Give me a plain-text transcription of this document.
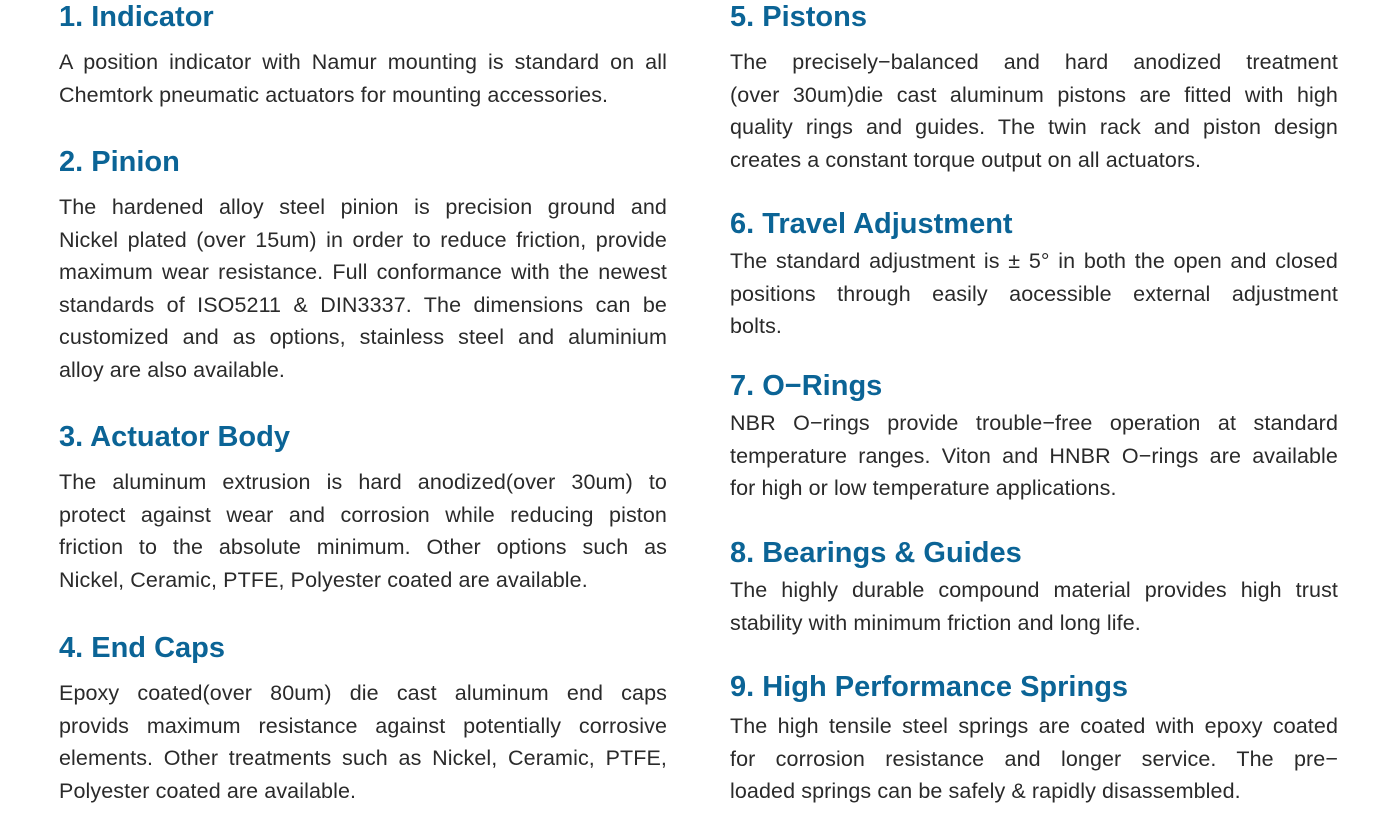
1. Indicator

A position indicator with Namur mounting is standard on all
Chemtork pneumatic actuators for mounting accessories.

2. Pinion

The hardened alloy steel pinion is precision ground and
Nickel plated (over 15um) in order to reduce friction, provide
maximum wear resistance. Full conformance with the newest
standards of ISO5211 & DIN3337. The dimensions can be
customized and as options, stainless steel and aluminium
alloy are also available.

3. Actuator Body

The aluminum extrusion is hard anodized(over 30um) to
protect against wear and corrosion while reducing piston
friction to the absolute minimum. Other options such as
Nickel, Ceramic, PTFE, Polyester coated are available.

4. End Caps

Epoxy coated(over 80um) die cast aluminum end caps
provids maximum resistance against potentially corrosive
elements. Other treatments such as Nickel, Ceramic, PTFE,
Polyester coated are available.

5. Pistons

The precisely−balanced and hard anodized treatment
(over 30um)die cast aluminum pistons are fitted with high
quality rings and guides. The twin rack and piston design
creates a constant torque output on all actuators.

6. Travel Adjustment

The standard adjustment is ± 5° in both the open and closed
positions through easily aocessible external adjustment
bolts.

7. O−Rings

NBR O−rings provide trouble−free operation at standard
temperature ranges. Viton and HNBR O−rings are available
for high or low temperature applications.

8. Bearings & Guides

The highly durable compound material provides high trust
stability with minimum friction and long life.

9. High Performance Springs

The high tensile steel springs are coated with epoxy coated
for corrosion resistance and longer service. The pre−
loaded springs can be safely & rapidly disassembled.
